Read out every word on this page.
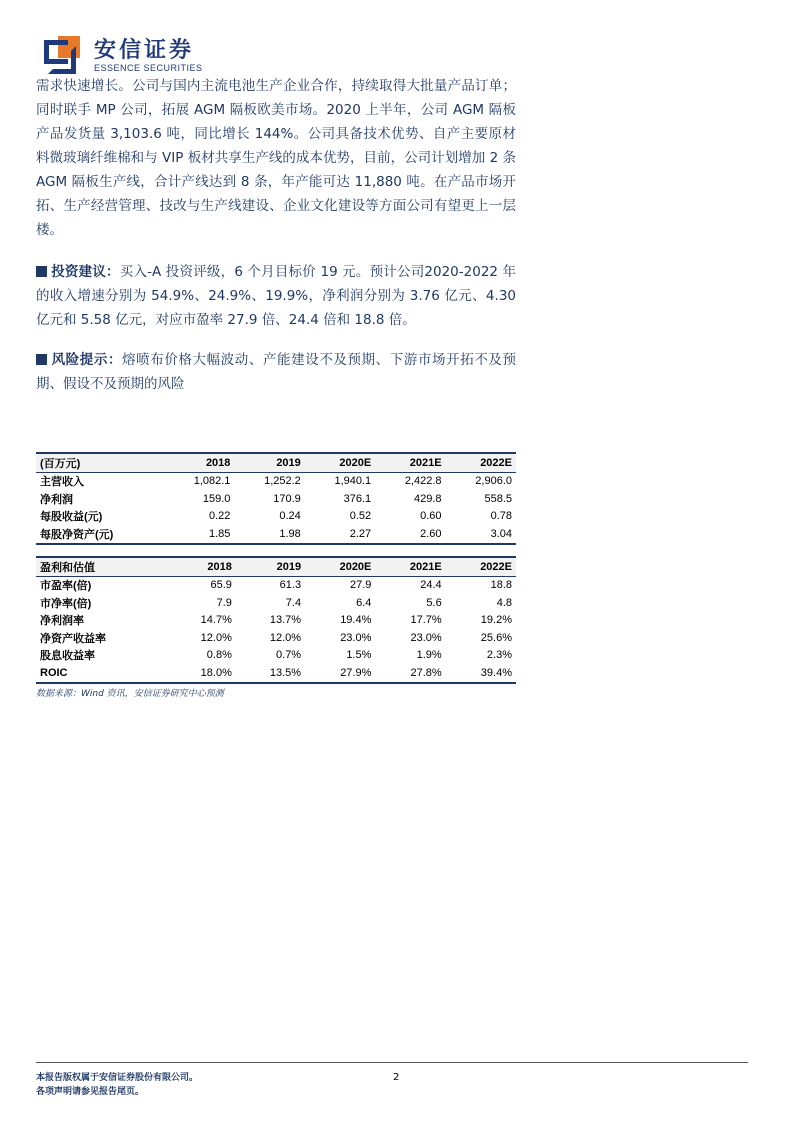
安信证券
ESSENCE SECURITIES
需求快速增长。公司与国内主流电池生产企业合作，持续取得大批量产品订单；同时联手 MP 公司，拓展 AGM 隔板欧美市场。2020 上半年，公司 AGM 隔板产品发货量 3,103.6 吨，同比增长 144%。公司具备技术优势、自产主要原材料微玻璃纤维棉和与 VIP 板材共享生产线的成本优势，目前，公司计划增加 2 条 AGM 隔板生产线，合计产线达到 8 条，年产能可达 11,880 吨。在产品市场开拓、生产经营管理、技改与生产线建设、企业文化建设等方面公司有望更上一层楼。
投资建议：买入-A 投资评级，6 个月目标价 19 元。预计公司2020-2022 年的收入增速分别为 54.9%、24.9%、19.9%，净利润分别为 3.76 亿元、4.30 亿元和 5.58 亿元，对应市盈率 27.9 倍、24.4 倍和 18.8 倍。
风险提示：熔喷布价格大幅波动、产能建设不及预期、下游市场开拓不及预期、假设不及预期的风险
(百万元)	2018	2019	2020E	2021E	2022E
主营收入	1,082.1	1,252.2	1,940.1	2,422.8	2,906.0
净利润	159.0	170.9	376.1	429.8	558.5
每股收益(元)	0.22	0.24	0.52	0.60	0.78
每股净资产(元)	1.85	1.98	2.27	2.60	3.04
盈利和估值	2018	2019	2020E	2021E	2022E
市盈率(倍)	65.9	61.3	27.9	24.4	18.8
市净率(倍)	7.9	7.4	6.4	5.6	4.8
净利润率	14.7%	13.7%	19.4%	17.7%	19.2%
净资产收益率	12.0%	12.0%	23.0%	23.0%	25.6%
股息收益率	0.8%	0.7%	1.5%	1.9%	2.3%
ROIC	18.0%	13.5%	27.9%	27.8%	39.4%
数据来源：Wind 资讯，安信证券研究中心预测
本报告版权属于安信证券股份有限公司。
各项声明请参见报告尾页。
2
